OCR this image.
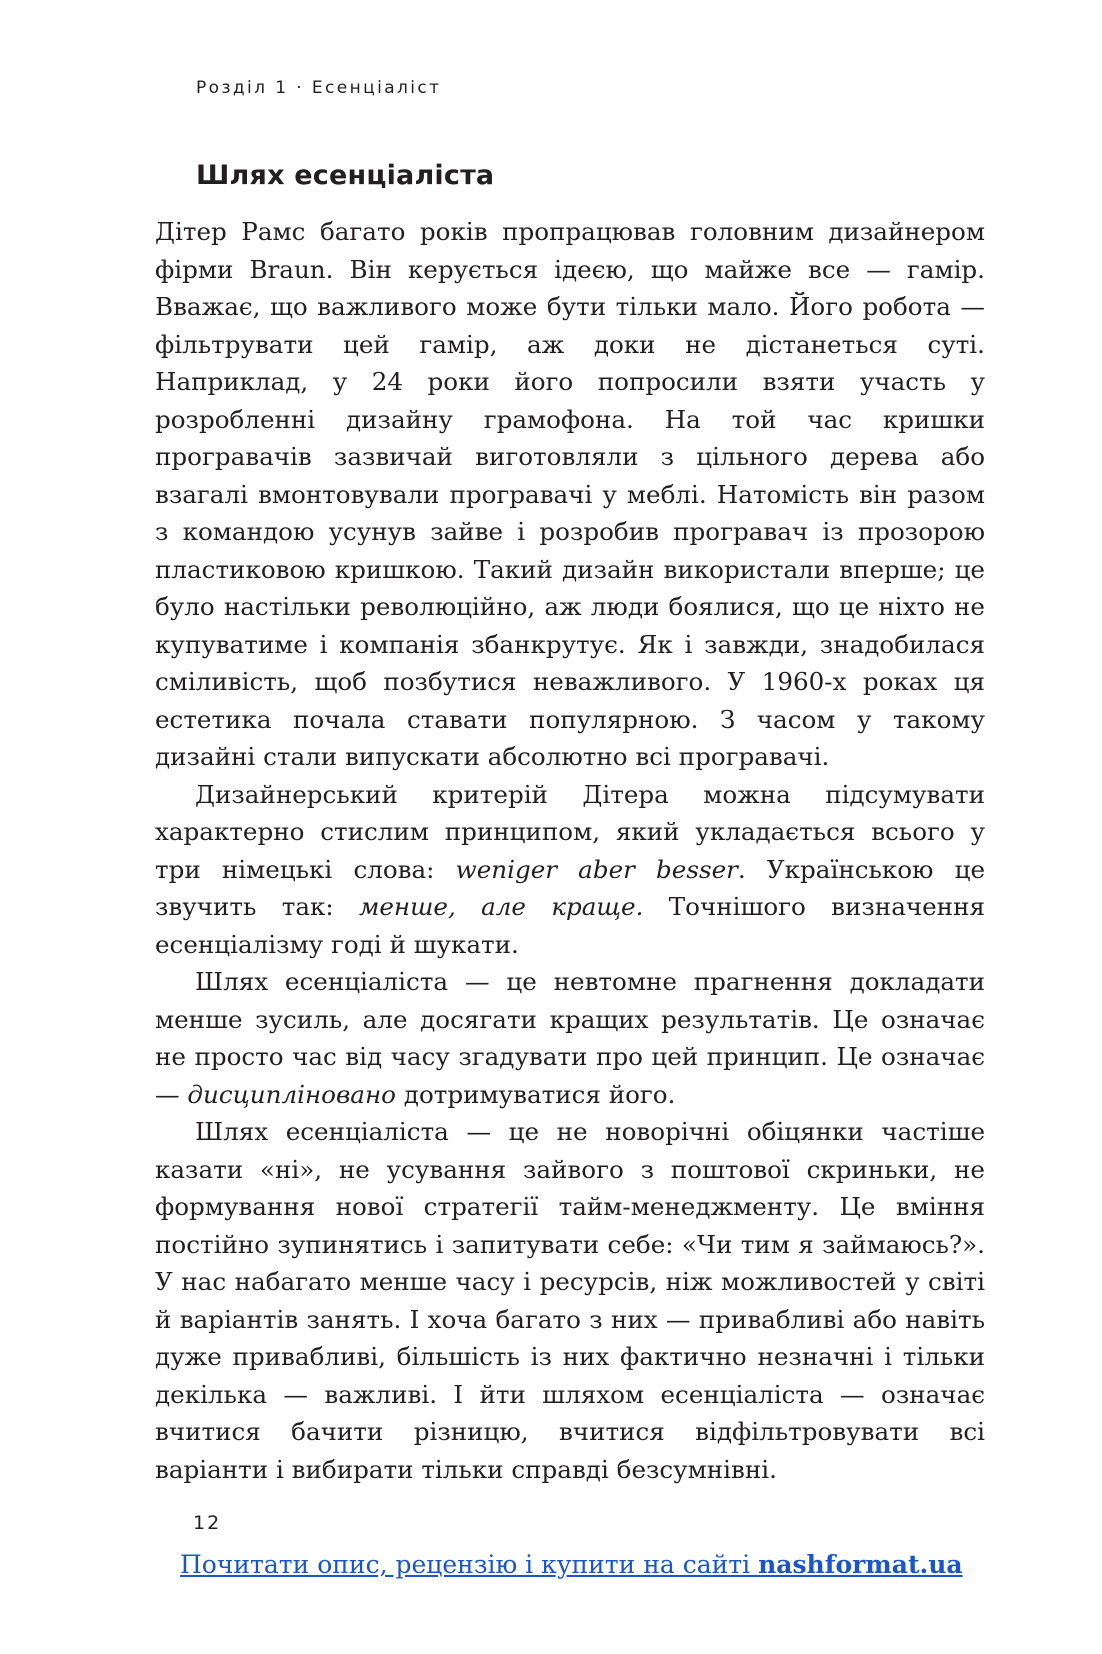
Розділ 1 · Есенціаліст
Шлях есенціаліста

Дітер Рамс багато років пропрацював головним дизайнером фірми Braun. Він керується ідеєю, що майже все — гамір. Вважає, що важливого може бути тільки мало. Його робота — фільтрувати цей гамір, аж доки не дістанеться суті. Наприклад, у 24 роки його попросили взяти участь у розробленні дизайну грамофона. На той час кришки програвачів зазвичай виготовляли з цільного дерева або взагалі вмонтовували програвачі у меблі. Натомість він разом з командою усунув зайве і розробив програвач із прозорою пластиковою кришкою. Такий дизайн використали вперше; це було настільки революційно, аж люди боялися, що це ніхто не купуватиме і компанія збанкрутує. Як і завжди, знадобилася сміливість, щоб позбутися неважливого. У 1960-х роках ця естетика почала ставати популярною. З часом у такому дизайні стали випускати абсолютно всі програвачі.

Дизайнерський критерій Дітера можна підсумувати характерно стислим принципом, який укладається всього у три німецькі слова: weniger aber besser. Українською це звучить так: менше, але краще. Точнішого визначення есенціалізму годі й шукати.

Шлях есенціаліста — це невтомне прагнення докладати менше зусиль, але досягати кращих результатів. Це означає не просто час від часу згадувати про цей принцип. Це означає — дисципліновано дотримуватися його.

Шлях есенціаліста — це не новорічні обіцянки частіше казати «ні», не усування зайвого з поштової скриньки, не формування нової стратегії тайм-менеджменту. Це вміння постійно зупинятись і запитувати себе: «Чи тим я займаюсь?». У нас набагато менше часу і ресурсів, ніж можливостей у світі й варіантів занять. І хоча багато з них — привабливі або навіть дуже привабливі, більшість із них фактично незначні і тільки декілька — важливі. І йти шляхом есенціаліста — означає вчитися бачити різницю, вчитися відфільтровувати всі варіанти і вибирати тільки справді безсумнівні.

12
Почитати опис, рецензію і купити на сайті nashformat.ua
